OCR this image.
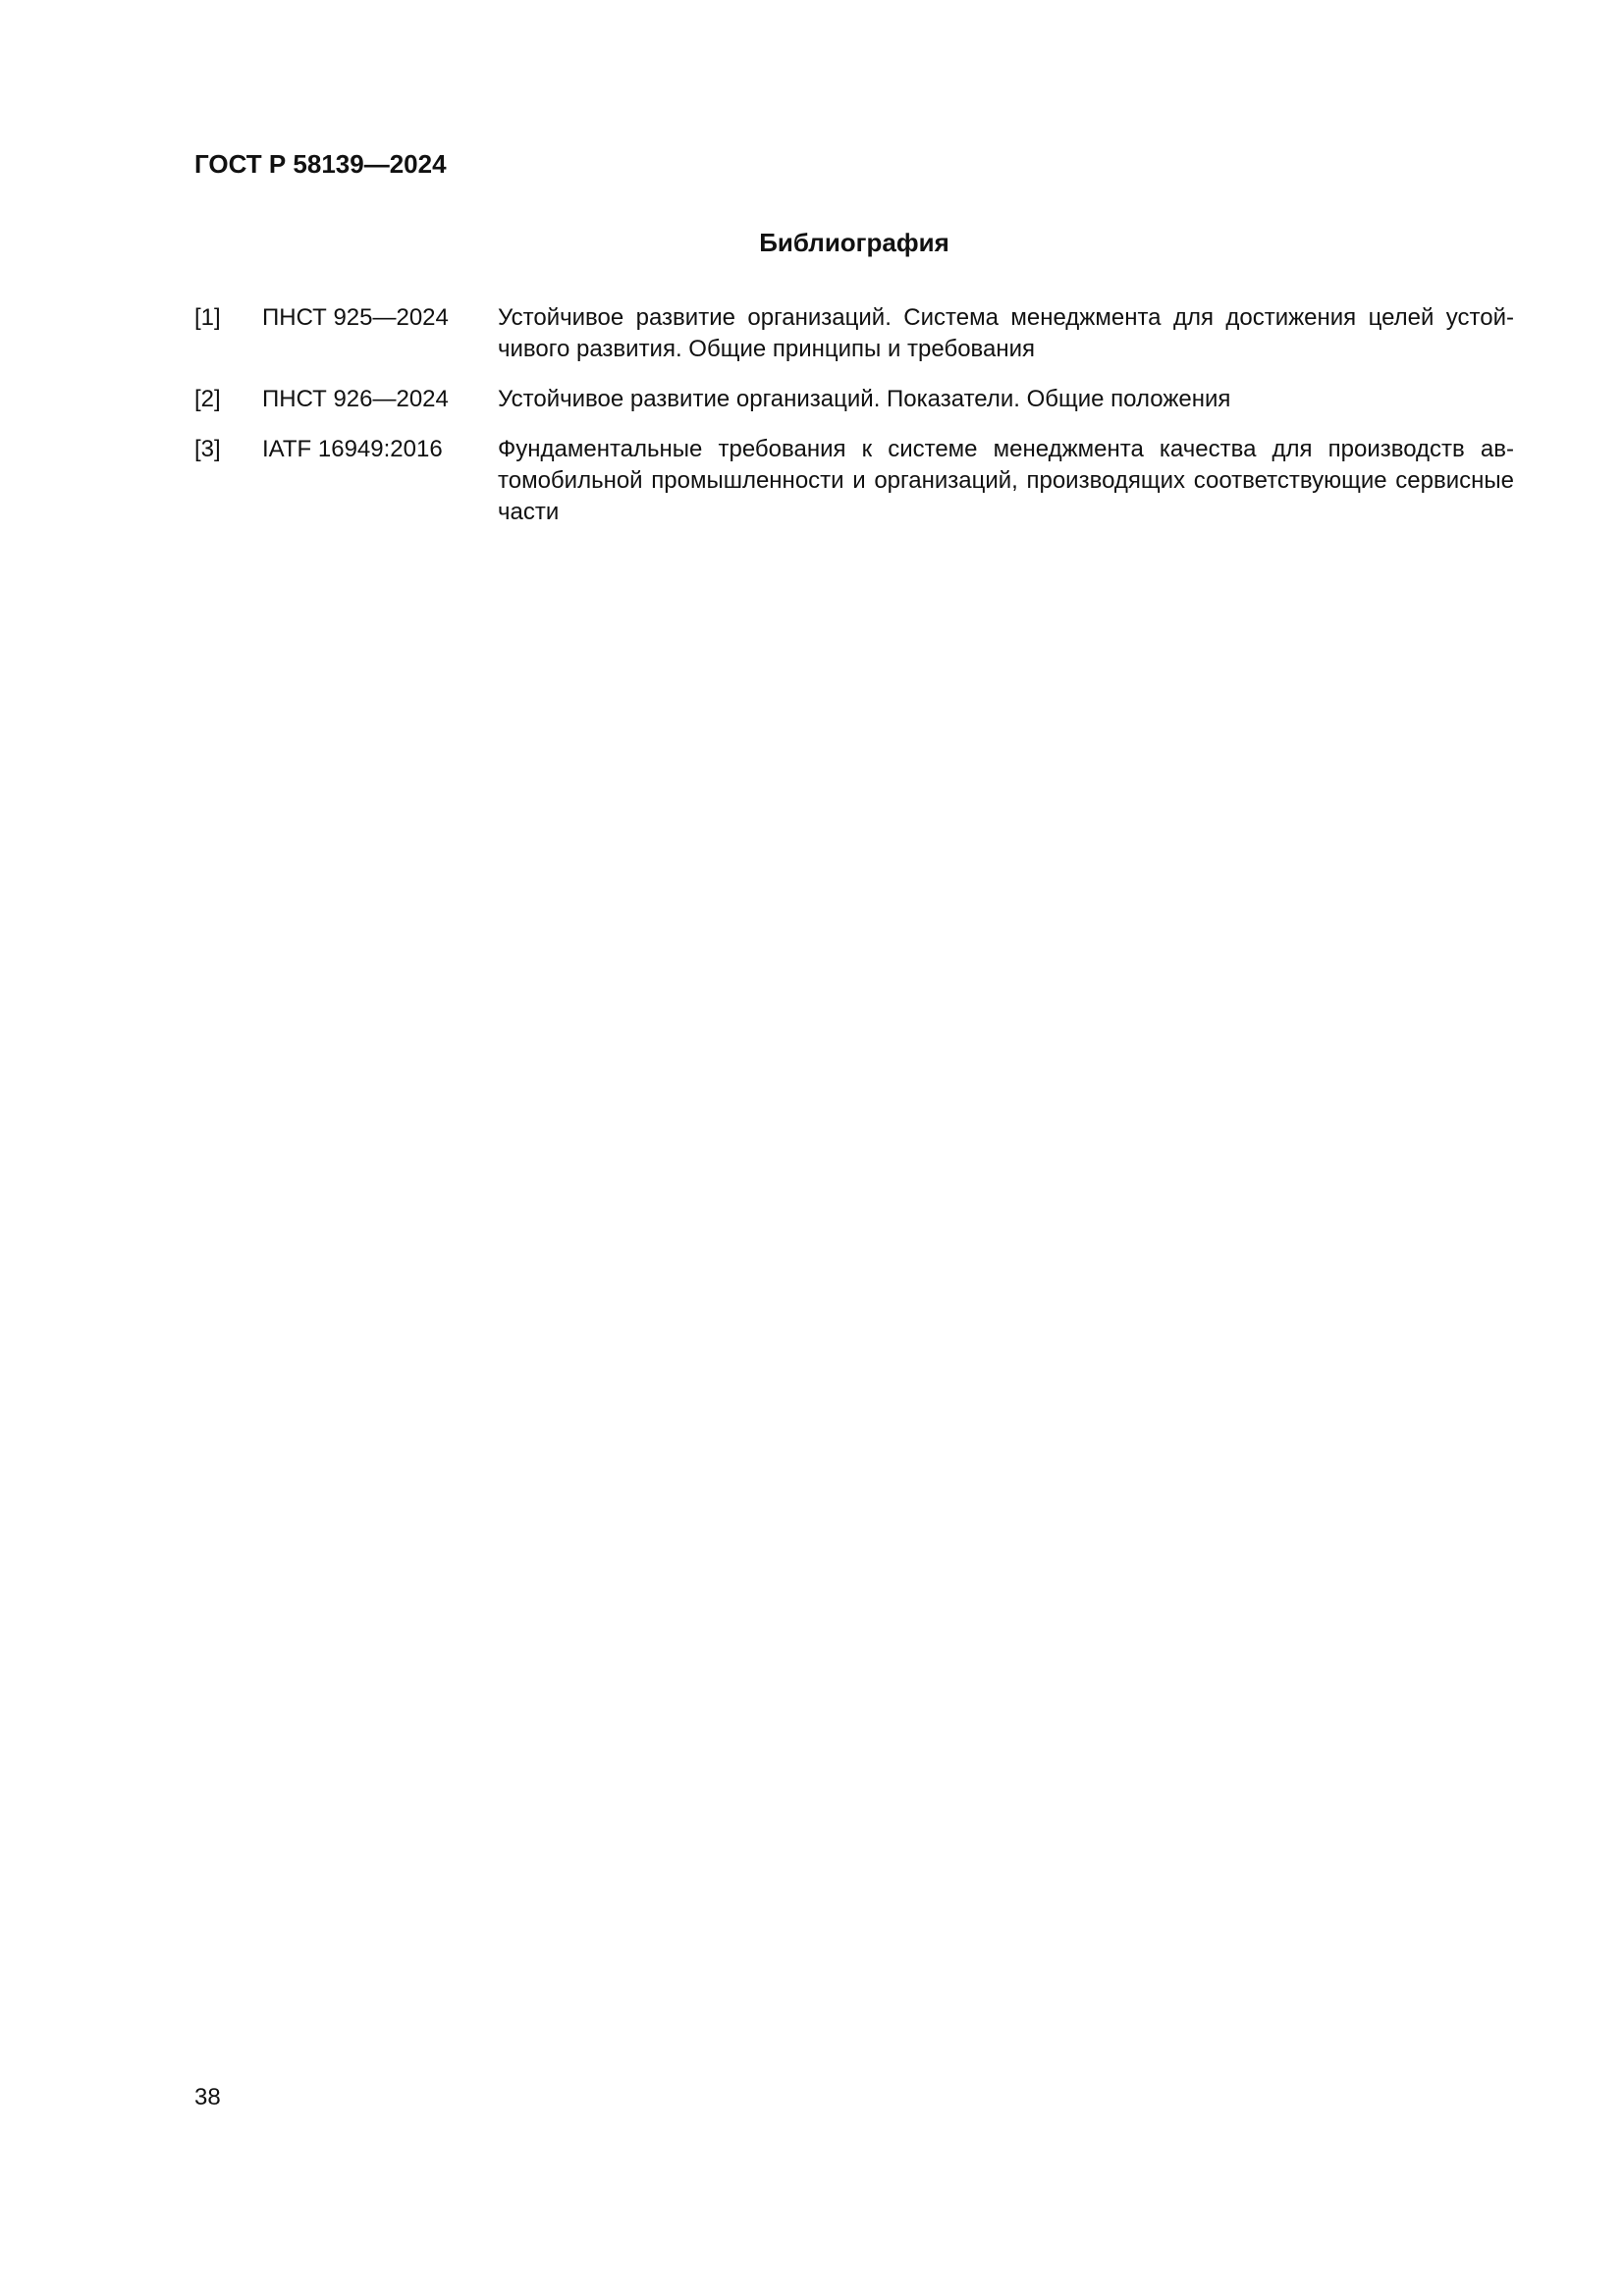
ГОСТ Р 58139—2024
Библиография
[1]	ПНСТ 925—2024	Устойчивое развитие организаций. Система менеджмента для достижения целей устойчивого развития. Общие принципы и требования
[2]	ПНСТ 926—2024	Устойчивое развитие организаций. Показатели. Общие положения
[3]	IATF 16949:2016	Фундаментальные требования к системе менеджмента качества для производств автомобильной промышленности и организаций, производящих соответствующие сервисные части
38
